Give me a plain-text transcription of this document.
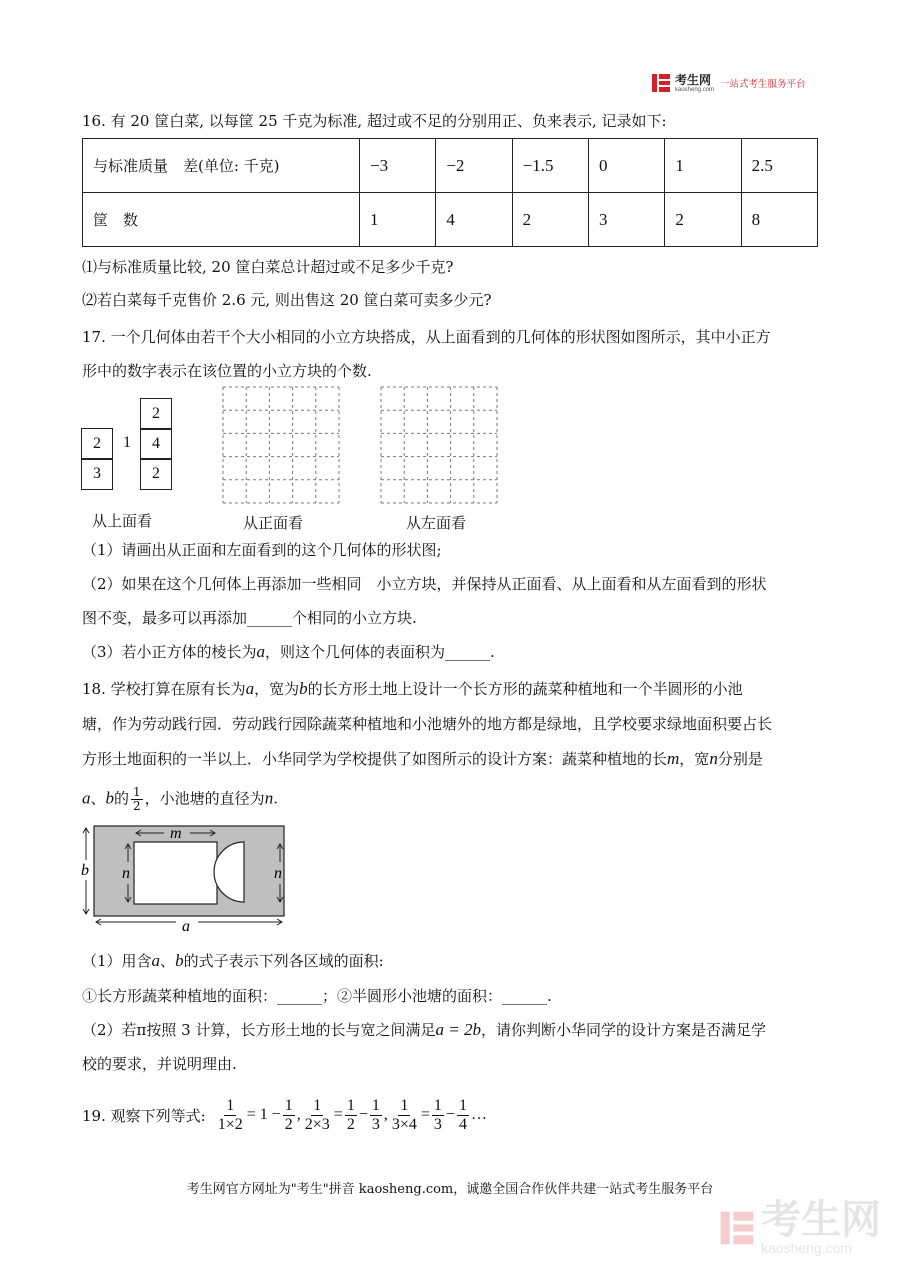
考生网
kaosheng.com 一站式考生服务平台
16. 有 20 筐白菜, 以每筐 25 千克为标准, 超过或不足的分别用正、负来表示, 记录如下:
与标准质量　差(单位: 千克)	−3	−2	−1.5	0	1	2.5
筐　数	1	4	2	3	2	8
⑴与标准质量比较, 20 筐白菜总计超过或不足多少千克?
⑵若白菜每千克售价 2.6 元, 则出售这 20 筐白菜可卖多少元?
17. 一个几何体由若干个大小相同的小立方块搭成，从上面看到的几何体的形状图如图所示，其中小正方
形中的数字表示在该位置的小立方块的个数.
2
2	1	4
3	2
从上面看	从正面看	从左面看
（1）请画出从正面和左面看到的这个几何体的形状图;
（2）如果在这个几何体上再添加一些相同　小立方块，并保持从正面看、从上面看和从左面看到的形状
图不变，最多可以再添加______个相同的小立方块.
（3）若小正方体的棱长为a，则这个几何体的表面积为______.
18. 学校打算在原有长为a，宽为b的长方形土地上设计一个长方形的蔬菜种植地和一个半圆形的小池
塘，作为劳动践行园．劳动践行园除蔬菜种植地和小池塘外的地方都是绿地，且学校要求绿地面积要占长
方形土地面积的一半以上．小华同学为学校提供了如图所示的设计方案：蔬菜种植地的长m，宽n分别是
a、b的 $\frac{1}{2}$ ，小池塘的直径为n.
m
n	n
b
a
（1）用含a、b的式子表示下列各区域的面积:
①长方形蔬菜种植地的面积：______；②半圆形小池塘的面积：______.
（2）若π按照 3 计算，长方形土地的长与宽之间满足a = 2b，请你判断小华同学的设计方案是否满足学
校的要求，并说明理由.
19. 观察下列等式: $\frac{1}{1\times 2} = 1 - \frac{1}{2}$ , $\frac{1}{2\times 3} = \frac{1}{2} - \frac{1}{3}$ , $\frac{1}{3\times 4} = \frac{1}{3} - \frac{1}{4}$ …
考生网官方网址为"考生"拼音 kaosheng.com，诚邀全国合作伙伴共建一站式考生服务平台
考生网
kaosheng.com
